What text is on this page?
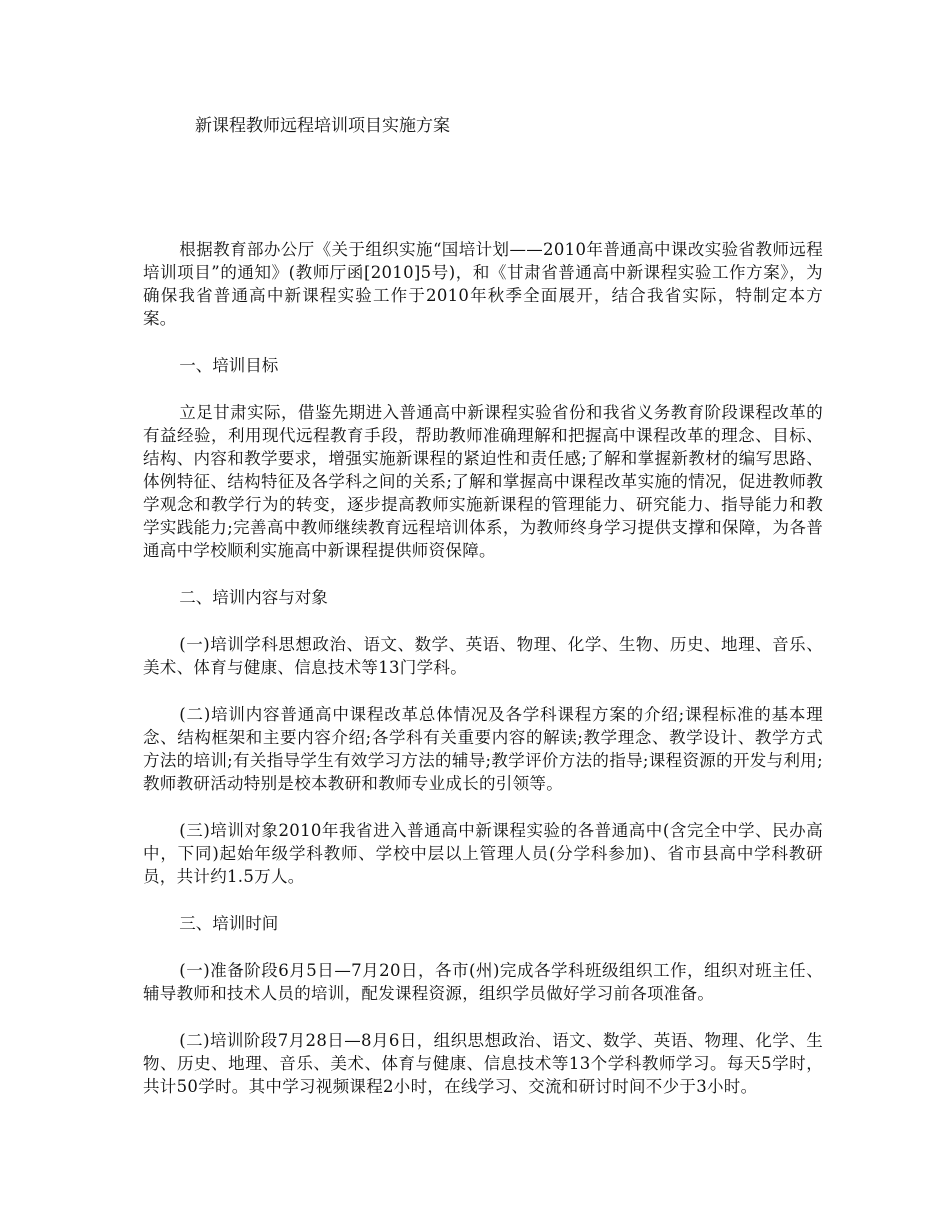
新课程教师远程培训项目实施方案

根据教育部办公厅《关于组织实施“国培计划——2010年普通高中课改实验省教师远程培训项目”的通知》(教师厅函[2010]5号)，和《甘肃省普通高中新课程实验工作方案》，为确保我省普通高中新课程实验工作于2010年秋季全面展开，结合我省实际，特制定本方案。

一、培训目标

立足甘肃实际，借鉴先期进入普通高中新课程实验省份和我省义务教育阶段课程改革的有益经验，利用现代远程教育手段，帮助教师准确理解和把握高中课程改革的理念、目标、结构、内容和教学要求，增强实施新课程的紧迫性和责任感;了解和掌握新教材的编写思路、体例特征、结构特征及各学科之间的关系;了解和掌握高中课程改革实施的情况，促进教师教学观念和教学行为的转变，逐步提高教师实施新课程的管理能力、研究能力、指导能力和教学实践能力;完善高中教师继续教育远程培训体系，为教师终身学习提供支撑和保障，为各普通高中学校顺利实施高中新课程提供师资保障。

二、培训内容与对象

(一)培训学科思想政治、语文、数学、英语、物理、化学、生物、历史、地理、音乐、美术、体育与健康、信息技术等13门学科。

(二)培训内容普通高中课程改革总体情况及各学科课程方案的介绍;课程标准的基本理念、结构框架和主要内容介绍;各学科有关重要内容的解读;教学理念、教学设计、教学方式方法的培训;有关指导学生有效学习方法的辅导;教学评价方法的指导;课程资源的开发与利用;教师教研活动特别是校本教研和教师专业成长的引领等。

(三)培训对象2010年我省进入普通高中新课程实验的各普通高中(含完全中学、民办高中，下同)起始年级学科教师、学校中层以上管理人员(分学科参加)、省市县高中学科教研员，共计约1.5万人。

三、培训时间

(一)准备阶段6月5日—7月20日，各市(州)完成各学科班级组织工作，组织对班主任、辅导教师和技术人员的培训，配发课程资源，组织学员做好学习前各项准备。

(二)培训阶段7月28日—8月6日，组织思想政治、语文、数学、英语、物理、化学、生物、历史、地理、音乐、美术、体育与健康、信息技术等13个学科教师学习。每天5学时，共计50学时。其中学习视频课程2小时，在线学习、交流和研讨时间不少于3小时。
